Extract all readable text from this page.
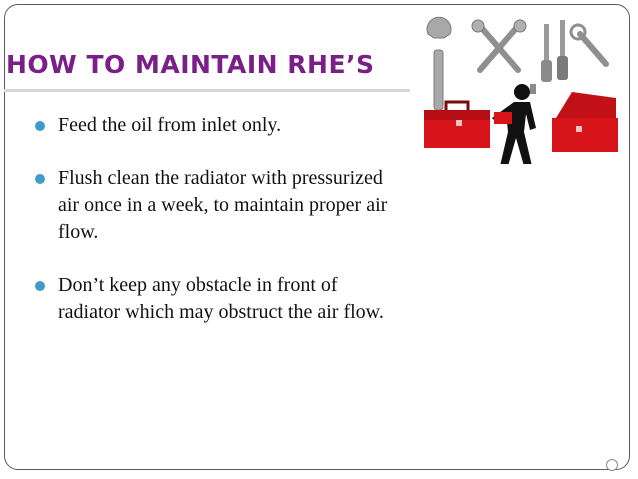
HOW TO MAINTAIN RHE’S
Feed the oil from inlet only.
Flush clean the radiator with pressurized air once in a week, to maintain proper air flow.
Don’t keep any obstacle in front of radiator which may obstruct the air flow.
